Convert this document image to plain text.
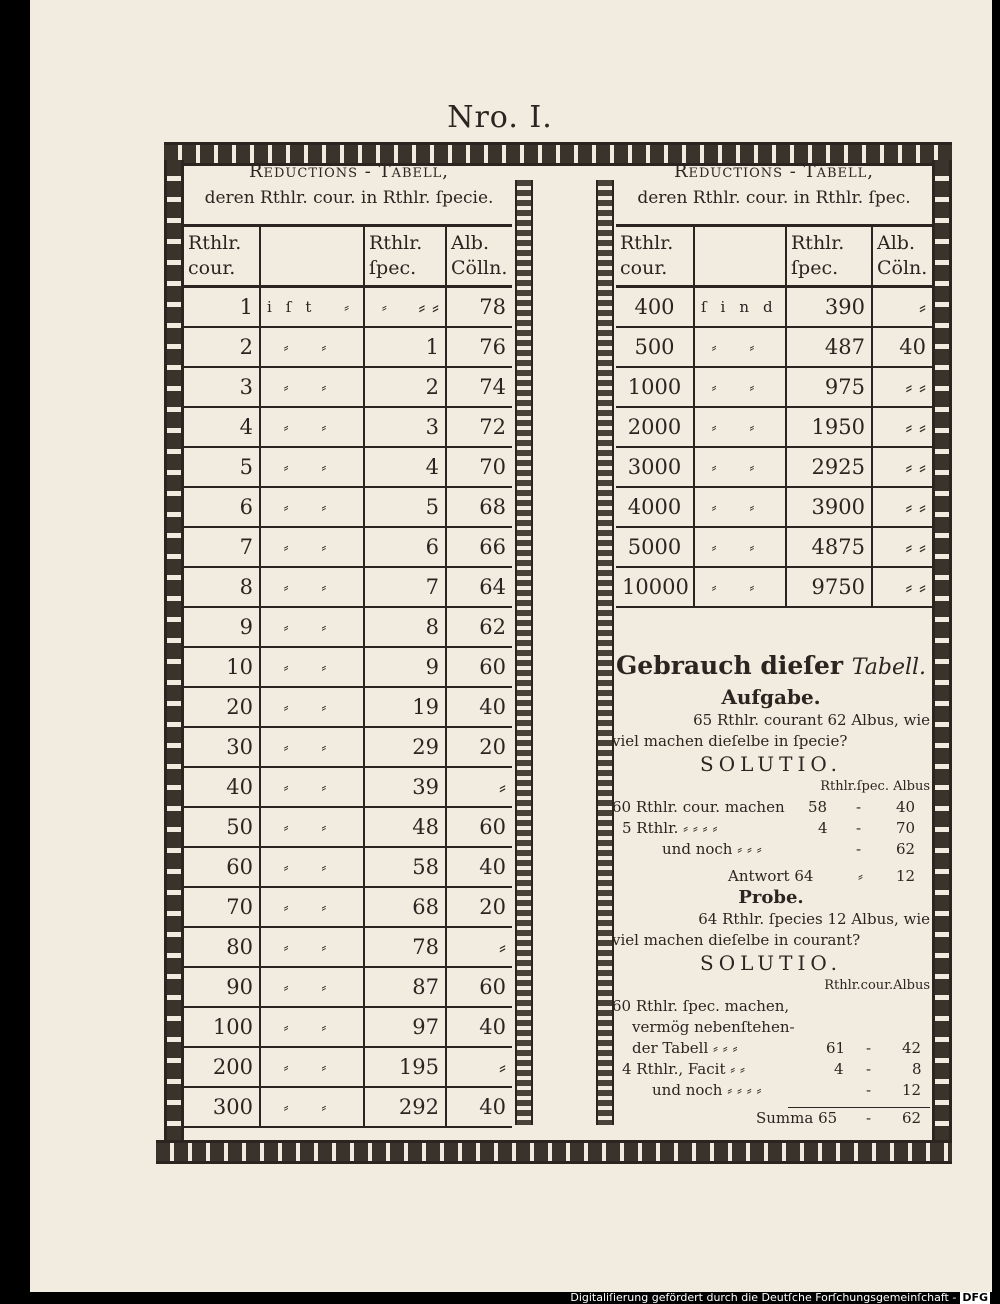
Nro. I.
Reductions - Tabell,
deren Rthlr. cour. in Rthlr. ſpecie.
Reductions - Tabell,
deren Rthlr. cour. in Rthlr. ſpec.
Rthlr. cour.		Rthlr. ſpec.	Alb. Cölln.
1	iſt ⸗ ⸗	⸗ ⸗	78
2	⸗ ⸗	1	76
3	⸗ ⸗	2	74
4	⸗ ⸗	3	72
5	⸗ ⸗	4	70
6	⸗ ⸗	5	68
7	⸗ ⸗	6	66
8	⸗ ⸗	7	64
9	⸗ ⸗	8	62
10	⸗ ⸗	9	60
20	⸗ ⸗	19	40
30	⸗ ⸗	29	20
40	⸗ ⸗	39	⸗
50	⸗ ⸗	48	60
60	⸗ ⸗	58	40
70	⸗ ⸗	68	20
80	⸗ ⸗	78	⸗
90	⸗ ⸗	87	60
100	⸗ ⸗	97	40
200	⸗ ⸗	195	⸗
300	⸗ ⸗	292	40
Rthlr. cour.		Rthlr. ſpec.	Alb. Cöln.
400	ſind	390	⸗
500	⸗ ⸗	487	40
1000	⸗ ⸗	975	⸗ ⸗
2000	⸗ ⸗	1950	⸗ ⸗
3000	⸗ ⸗	2925	⸗ ⸗
4000	⸗ ⸗	3900	⸗ ⸗
5000	⸗ ⸗	4875	⸗ ⸗
10000	⸗ ⸗	9750	⸗ ⸗
Gebrauch dieſer Tabell.
Aufgabe.

65 Rthlr. courant 62 Albus, wie

viel machen dieſelbe in ſpecie?

SOLUTIO.

Rthlr.ſpec. Albus

60 Rthlr. cour. machen 58 - 40
5 Rthlr. ⸗ ⸗ ⸗ ⸗	4 - 70
und noch ⸗ ⸗ ⸗	- 62
Antwort 64	⸗ 12
Probe.

64 Rthlr. ſpecies 12 Albus, wie

viel machen dieſelbe in courant?

SOLUTIO.

Rthlr.cour.Albus

60 Rthlr. ſpec. machen,

vermög nebenſtehen-

der Tabell ⸗ ⸗ ⸗	61 - 42
4 Rthlr., Facit ⸗ ⸗	4 -	8
und noch ⸗ ⸗ ⸗ ⸗	- 12
Summa 65 - 62
Digitaliſierung gefördert durch die Deutſche Forſchungsgemeinſchaft - DFG
